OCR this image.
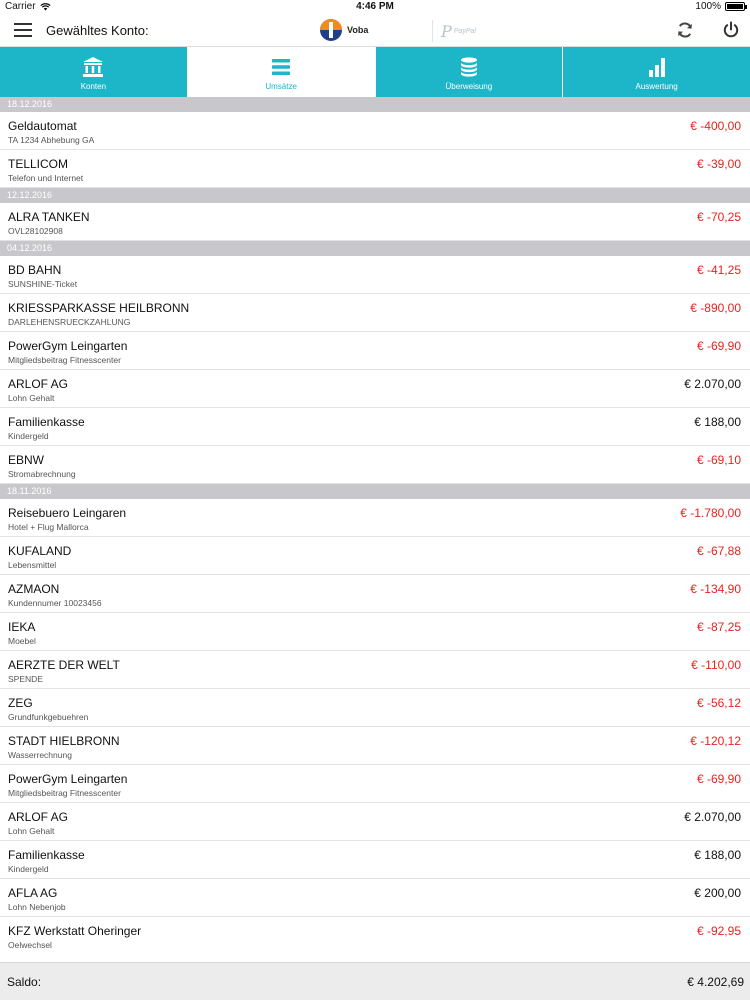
Carrier	4:46 PM	100%
Gewähltes Konto:	Voba	P PayPal
Konten	Umsätze	Überweisung	Auswertung
18.12.2016
Geldautomat
TA 1234 Abhebung GA
€ -400,00
TELLICOM
Telefon und Internet
€ -39,00
12.12.2016
ALRA TANKEN
OVL28102908
€ -70,25
04.12.2016
BD BAHN
SUNSHINE-Ticket
€ -41,25
KRIESSPARKASSE HEILBRONN
DARLEHENSRUECKZAHLUNG
€ -890,00
PowerGym Leingarten
Mitgliedsbeitrag Fitnesscenter
€ -69,90
ARLOF AG
Lohn Gehalt
€ 2.070,00
Familienkasse
Kindergeld
€ 188,00
EBNW
Stromabrechnung
€ -69,10
18.11.2016
Reisebuero Leingaren
Hotel + Flug Mallorca
€ -1.780,00
KUFALAND
Lebensmittel
€ -67,88
AZMAON
Kundennumer 10023456
€ -134,90
IEKA
Moebel
€ -87,25
AERZTE DER WELT
SPENDE
€ -110,00
ZEG
Grundfunkgebuehren
€ -56,12
STADT HIELBRONN
Wasserrechnung
€ -120,12
PowerGym Leingarten
Mitgliedsbeitrag Fitnesscenter
€ -69,90
ARLOF AG
Lohn Gehalt
€ 2.070,00
Familienkasse
Kindergeld
€ 188,00
AFLA AG
Lohn Nebenjob
€ 200,00
KFZ Werkstatt Oheringer
Oelwechsel
€ -92,95
Saldo:	€ 4.202,69
